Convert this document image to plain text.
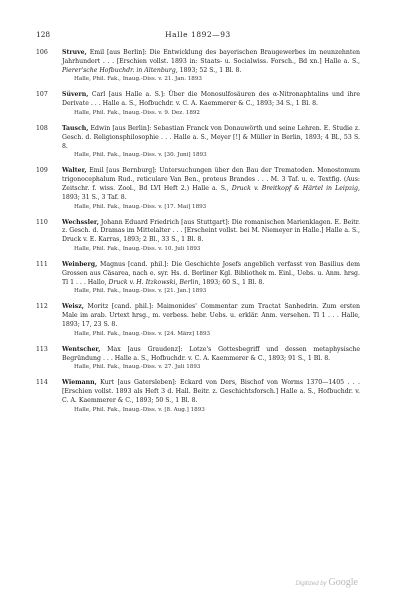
128	Halle 1892—93
106	Struve, Emil [aus Berlin]: Die Entwicklung des bayerischen Braugewerbes im neunzehnten Jahrhundert . . . [Erschien vollst. 1893 in: Staats- u. Socialwiss. Forsch., Bd xn.] Halle a. S., Pierer'sche Hofbuchdr. in Altenburg, 1893; 52 S., 1 Bl. 8.
Halle, Phil. Fak., Inaug.-Diss. v. 21. Jan. 1893
107	Süvern, Carl [aus Halle a. S.]: Über die Monosulfosäuren des α-Nitronaphtalins und ihre Derivate . . . Halle a. S., Hofbuchdr. v. C. A. Kaemmerer & C., 1893; 34 S., 1 Bl. 8.
Halle, Phil. Fak., Inaug.-Diss. v. 9. Dez. 1892
108	Tausch, Edwin [aus Berlin]: Sebastian Franck von Donauwörth und seine Lehren. E. Studie z. Gesch. d. Religionsphilosophie . . . Halle a. S., Meyer [!] & Müller in Berlin, 1893; 4 Bl., 53 S. 8.
Halle, Phil. Fak., Inaug.-Diss. v. [30. Juni] 1893
109	Walter, Emil [aus Bernburg]: Untersuchungen über den Bau der Trematoden. Monostomum trigonocephalum Rud., reticulare Van Ben., proteus Brandes . . . M. 3 Taf. u. e. Textfig. (Aus: Zeitschr. f. wiss. Zool., Bd LVI Heft 2.) Halle a. S., Druck v. Breitkopf & Härtel in Leipzig, 1893; 31 S., 3 Taf. 8.
Halle, Phil. Fak., Inaug.-Diss. v. [17. Mai] 1893
110	Wechssler, Johann Eduard Friedrich [aus Stuttgart]: Die romanischen Marienklagen. E. Beitr. z. Gesch. d. Dramas im Mittelalter . . . [Erscheint vollst. bei M. Niemeyer in Halle.] Halle a. S., Druck v. E. Karras, 1893; 2 Bl., 33 S., 1 Bl. 8.
Halle, Phil. Fak., Inaug.-Diss. v. 10. Juli 1893
111	Weinberg, Magnus [cand. phil.]: Die Geschichte Josefs angeblich verfasst von Basilius dem Grossen aus Cäsarea, nach e. syr. Hs. d. Berliner Kgl. Bibliothek m. Einl., Uebs. u. Anm. hrsg. Tl 1 . . . Hallo, Druck v. H. Itzkowski, Berlin, 1893; 60 S., 1 Bl. 8.
Halle, Phil. Fak., Inaug.-Diss. v. [21. Jan.] 1893
112	Weisz, Moritz [cand. phil.]: Maimonides' Commentar zum Tractat Sanhedrin. Zum ersten Male im arab. Urtext hrsg., m. verbess. hebr. Uebs. u. erklär. Anm. versehen. Tl 1 . . . Halle, 1893; 17, 23 S. 8.
Halle, Phil. Fak., Inaug.-Diss. v. [24. März] 1893
113	Wentscher, Max [aus Graudenz]: Lotze's Gottesbegriff und dessen metaphysische Begründung . . . Halle a. S., Hofbuchdr. v. C. A. Kaemmerer & C., 1893; 91 S., 1 Bl. 8.
Halle, Phil. Fak., Inaug.-Diss. v. 27. Juli 1893
114	Wiemann, Kurt [aus Gatersleben]: Eckard von Ders, Bischof von Worms 1370—1405 . . . [Erschien vollst. 1893 als Heft 3 d. Hall. Beitr. z. Geschichtsforsch.] Halle a. S., Hofbuchdr. v. C. A. Kaemmerer & C., 1893; 50 S., 1 Bl. 8.
Halle, Phil. Fak., Inaug.-Diss. v. [8. Aug.] 1893
Digitized by Google
